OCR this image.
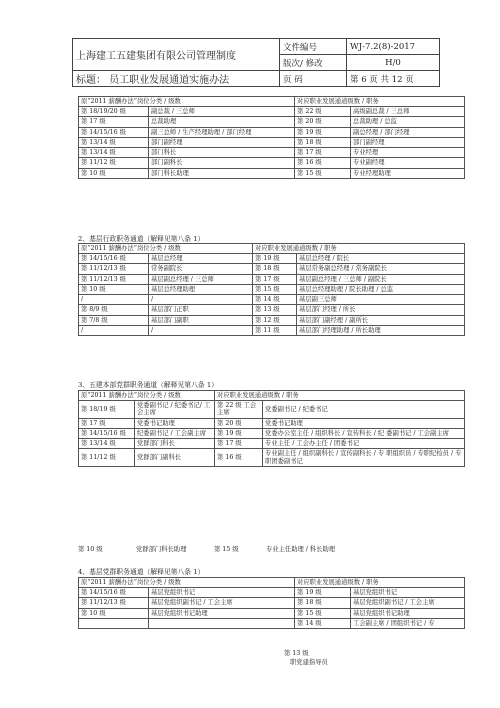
上海建工五建集团有限公司管理制度	文件编号	WJ-7.2(8)-2017
	版次/ 修改	H/0
标题： 员工职业发展通道实施办法	页 码	第 6 页 共 12 页
原“2011 薪酬办法”岗位分类 / 级数		对应职业发展通道级数 / 职务	
第 18/19/20 级	副总裁 / 三总师	第 22 级	高级副总裁 / 三总师
第 17 级	总裁助理	第 20 级	总裁助理 / 总监
第 14/15/16 级	副三总师 / 生产经理助理 / 部门经理	第 19 级	副总经理 / 部门经理
第 13/14 级	部门副经理	第 18 级	部门副经理
第 13/14 级	部门科长	第 17 级	专业经理
第 11/12 级	部门副科长	第 16 级	专业副经理
第 10 级	部门科长助理	第 15 级	专业经理助理
2、基层行政职务通道（解释见第八条 1）
原“2011 薪酬办法”岗位分类 / 级数		对应职业发展通道级数 / 职务	
第 14/15/16 级	基层总经理	第 19 级	基层总经理 / 院长
第 11/12/13 级	常务副院长	第 18 级	基层常务副总经理 / 常务副院长
第 11/12/13 级	基层副总经理 / 三总师	第 17 级	基层副总经理 / 三总师 / 副院长
第 10 级	基层总经理助理	第 15 级	基层总经理助理 / 院长助理 / 总监
/	/	第 14 级	基层副三总师
第 8/9 级	基层部门正职	第 13 级	基层部门经理 / 所长
第 7/8 级	基层部门副职	第 12 级	基层部门副经理 / 副所长
/	/	第 11 级	基层部门经理助理 / 所长助理
3、五建本部党群职务通道（解释见第八条 1）
原“2011 薪酬办法”岗位分类 / 级数		对应职业发展通道级数 / 职务	
第 18/19 级	党委副书记 / 纪委书记/ 工会主席	第 22 级 工会主席	党委副书记 / 纪委书记
第 17 级	党委书记助理	第 20 级	党委书记助理
第 14/15/16 级	纪委副书记 / 工会副主席	第 19 级	党委办公室主任 / 组织科长 / 宣传科长 / 纪 委副书记 / 工会副主席
第 13/14 级	党群部门科长	第 17 级	专业主任 / 工会办主任 / 团委书记
第 11/12 级	党群部门副科长	第 16 级	专业副主任 / 组织副科长 / 宣传副科长 / 专 职组织员 / 专职纪检员 / 专职团委副书记
第 10 级	党群部门科长助理	第 15 级	专业主任助理 / 科长助理
4、基层党群职务通道（解释见第八条 1）
原“2011 薪酬办法”岗位分类 / 级数		对应职业发展通道级数 / 职务	
第 14/15/16 级	基层党组织书记	第 19 级	基层党组织书记
第 11/12/13 级	基层党组织副书记 / 工会主席	第 18 级	基层党组织副书记 / 工会主席
第 10 级	基层党组织书记助理	第 15 级	基层党组织书记助理
		第 14 级	工会副主席 / 团组织书记 / 专
第 13 级
职党建指导员
